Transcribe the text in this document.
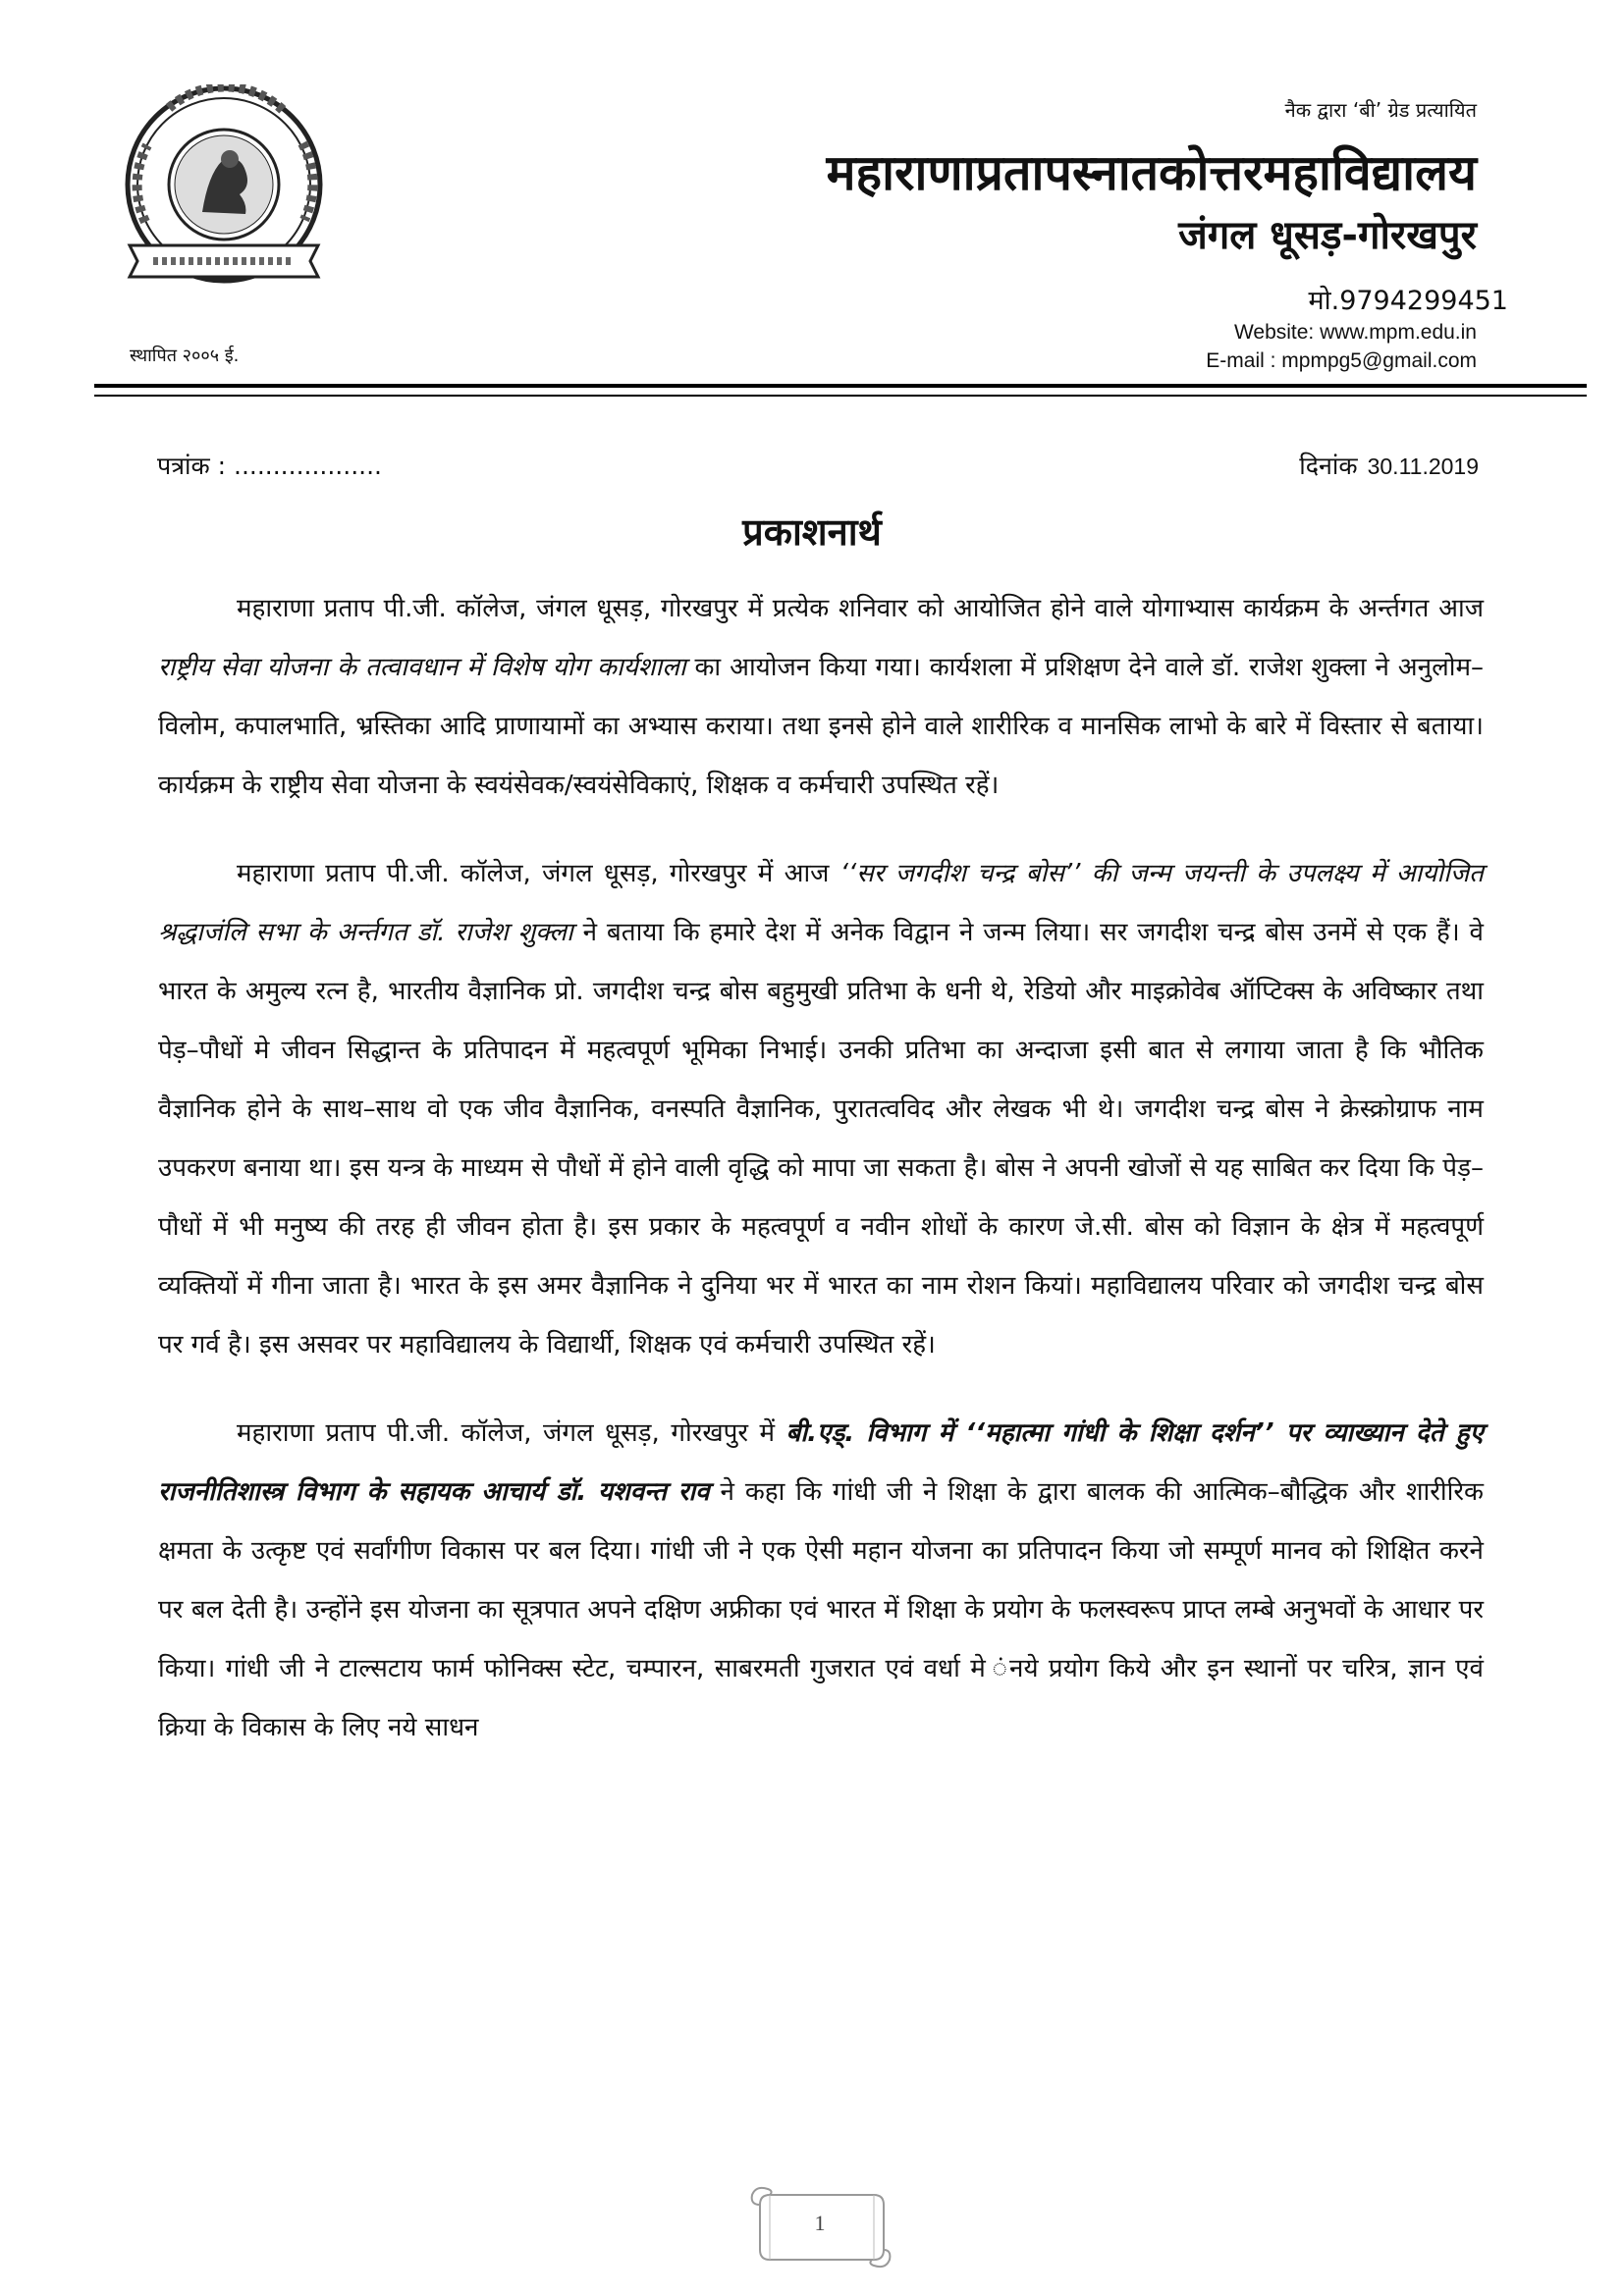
स्थापित २००५ ई.
नैक द्वारा ‘बी’ ग्रेड प्रत्यायित
महाराणाप्रतापस्नातकोत्तरमहाविद्यालय
जंगल धूसड़-गोरखपुर
मो.9794299451
Website: www.mpm.edu.in
E-mail : mpmpg5@gmail.com
पत्रांक : ...................	दिनांक 30.11.2019
प्रकाशनार्थ

महाराणा प्रताप पी.जी. कॉलेज, जंगल धूसड़, गोरखपुर में प्रत्येक शनिवार को आयोजित होने वाले योगाभ्यास कार्यक्रम के अर्न्तगत आज राष्ट्रीय सेवा योजना के तत्वावधान में विशेष योग कार्यशाला का आयोजन किया गया। कार्यशला में प्रशिक्षण देने वाले डॉ. राजेश शुक्ला ने अनुलोम–विलोम, कपालभाति, भ्रस्तिका आदि प्राणायामों का अभ्यास कराया। तथा इनसे होने वाले शारीरिक व मानसिक लाभो के बारे में विस्तार से बताया। कार्यक्रम के राष्ट्रीय सेवा योजना के स्वयंसेवक/स्वयंसेविकाएं, शिक्षक व कर्मचारी उपस्थित रहें।

महाराणा प्रताप पी.जी. कॉलेज, जंगल धूसड़, गोरखपुर में आज ‘‘सर जगदीश चन्द्र बोस’’ की जन्म जयन्ती के उपलक्ष्य में आयोजित श्रद्धाजंलि सभा के अर्न्तगत डॉ. राजेश शुक्ला ने बताया कि हमारे देश में अनेक विद्वान ने जन्म लिया। सर जगदीश चन्द्र बोस उनमें से एक हैं। वे भारत के अमुल्य रत्न है, भारतीय वैज्ञानिक प्रो. जगदीश चन्द्र बोस बहुमुखी प्रतिभा के धनी थे, रेडियो और माइक्रोवेब ऑप्टिक्स के अविष्कार तथा पेड़–पौधों मे जीवन सिद्धान्त के प्रतिपादन में महत्वपूर्ण भूमिका निभाई। उनकी प्रतिभा का अन्दाजा इसी बात से लगाया जाता है कि भौतिक वैज्ञानिक होने के साथ–साथ वो एक जीव वैज्ञानिक, वनस्पति वैज्ञानिक, पुरातत्वविद और लेखक भी थे। जगदीश चन्द्र बोस ने क्रेस्क्रोग्राफ नाम उपकरण बनाया था। इस यन्त्र के माध्यम से पौधों में होने वाली वृद्धि को मापा जा सकता है। बोस ने अपनी खोजों से यह साबित कर दिया कि पेड़–पौधों में भी मनुष्य की तरह ही जीवन होता है। इस प्रकार के महत्वपूर्ण व नवीन शोधों के कारण जे.सी. बोस को विज्ञान के क्षेत्र में महत्वपूर्ण व्यक्तियों में गीना जाता है। भारत के इस अमर वैज्ञानिक ने दुनिया भर में भारत का नाम रोशन कियां। महाविद्यालय परिवार को जगदीश चन्द्र बोस पर गर्व है। इस असवर पर महाविद्यालय के विद्यार्थी, शिक्षक एवं कर्मचारी उपस्थित रहें।

महाराणा प्रताप पी.जी. कॉलेज, जंगल धूसड़, गोरखपुर में बी.एड्. विभाग में ‘‘महात्मा गांधी के शिक्षा दर्शन’’ पर व्याख्यान देते हुए राजनीतिशास्त्र विभाग के सहायक आचार्य डॉ. यशवन्त राव ने कहा कि गांधी जी ने शिक्षा के द्वारा बालक की आत्मिक–बौद्धिक और शारीरिक क्षमता के उत्कृष्ट एवं सर्वांगीण विकास पर बल दिया। गांधी जी ने एक ऐसी महान योजना का प्रतिपादन किया जो सम्पूर्ण मानव को शिक्षित करने पर बल देती है। उन्होंने इस योजना का सूत्रपात अपने दक्षिण अफ्रीका एवं भारत में शिक्षा के प्रयोग के फलस्वरूप प्राप्त लम्बे अनुभवों के आधार पर किया। गांधी जी ने टाल्सटाय फार्म फोनिक्स स्टेट, चम्पारन, साबरमती गुजरात एवं वर्धा मे ंनये प्रयोग किये और इन स्थानों पर चरित्र, ज्ञान एवं क्रिया के विकास के लिए नये साधन

1
